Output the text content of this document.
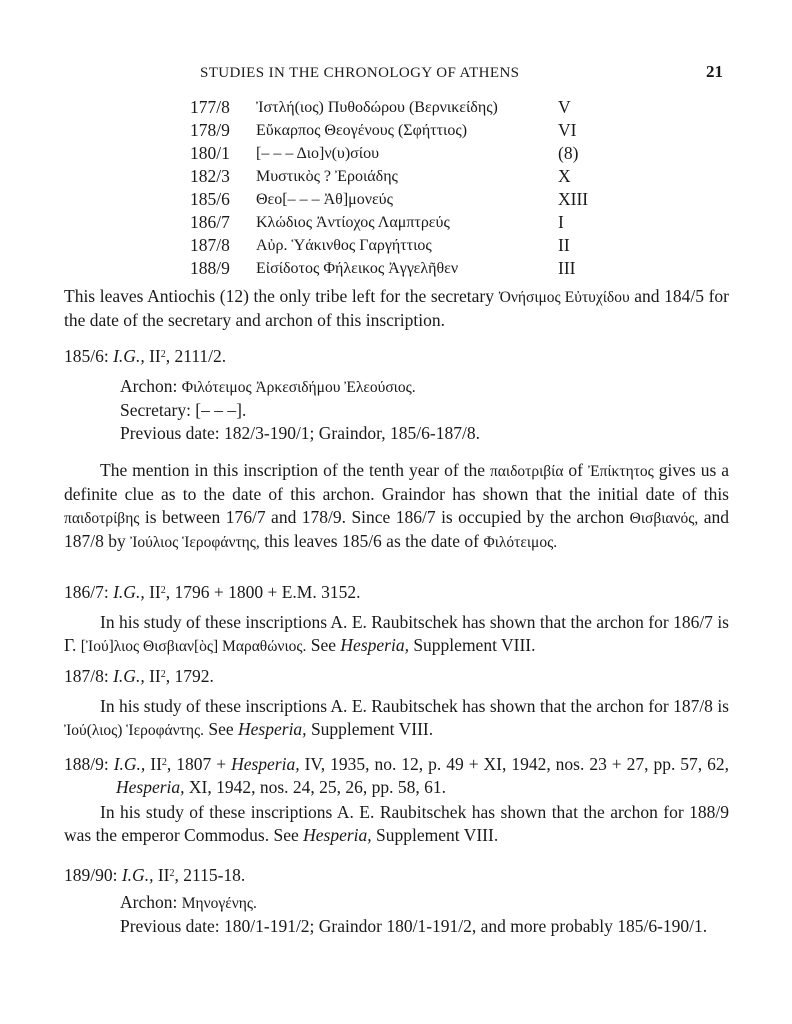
STUDIES IN THE CHRONOLOGY OF ATHENS	21
177/8 Ἰστλή(ιος) Πυθοδώρου (Βερνικείδης)	V
178/9 Εὔκαρπος Θεογένους (Σφήττιος)	VI
180/1 [– – – Διο]ν(υ)σίου	(8)
182/3 Μυστικὸς ? Ἐροιάδης	X
185/6 Θεο[– – – Ἀθ]μονεύς	XIII
186/7 Κλώδιος Ἀντίοχος Λαμπτρεύς	I
187/8 Αὐρ. Ὑάκινθος Γαργήττιος	II
188/9 Εἰσίδοτος Φήλεικος Ἀγγελῆθεν	III

This leaves Antiochis (12) the only tribe left for the secretary Ὀνήσιμος Εὐτυχίδου and 184/5 for the date of the secretary and archon of this inscription.

185/6: I.G., $II^2$, 2111/2.

Archon: Φιλότειμος Ἀρκεσιδήμου Ἐλεούσιος.

Secretary: [– – –].

Previous date: 182/3-190/1; Graindor, 185/6-187/8.

The mention in this inscription of the tenth year of the παιδοτριβία of Ἐπίκτητος gives us a definite clue as to the date of this archon. Graindor has shown that the initial date of this παιδοτρίβης is between 176/7 and 178/9. Since 186/7 is occupied by the archon Θισβιανός, and 187/8 by Ἰούλιος Ἱεροφάντης, this leaves 185/6 as the date of Φιλότειμος.

186/7: I.G., $II^2$, 1796 + 1800 + E.M. 3152.

In his study of these inscriptions A. E. Raubitschek has shown that the archon for 186/7 is Γ. [Ἰού]λιος Θισβιαν[ὸς] Μαραθώνιος. See Hesperia, Supplement VIII.

187/8: I.G., $II^2$, 1792.

In his study of these inscriptions A. E. Raubitschek has shown that the archon for 187/8 is Ἰού(λιος) Ἱεροφάντης. See Hesperia, Supplement VIII.

188/9: I.G., $II^2$, 1807 + Hesperia, IV, 1935, no. 12, p. 49 + XI, 1942, nos. 23 + 27, pp. 57, 62, Hesperia, XI, 1942, nos. 24, 25, 26, pp. 58, 61.

In his study of these inscriptions A. E. Raubitschek has shown that the archon for 188/9 was the emperor Commodus. See Hesperia, Supplement VIII.

189/90: I.G., $II^2$, 2115-18.

Archon: Μηνογένης.

Previous date: 180/1-191/2; Graindor 180/1-191/2, and more probably 185/6-190/1.
